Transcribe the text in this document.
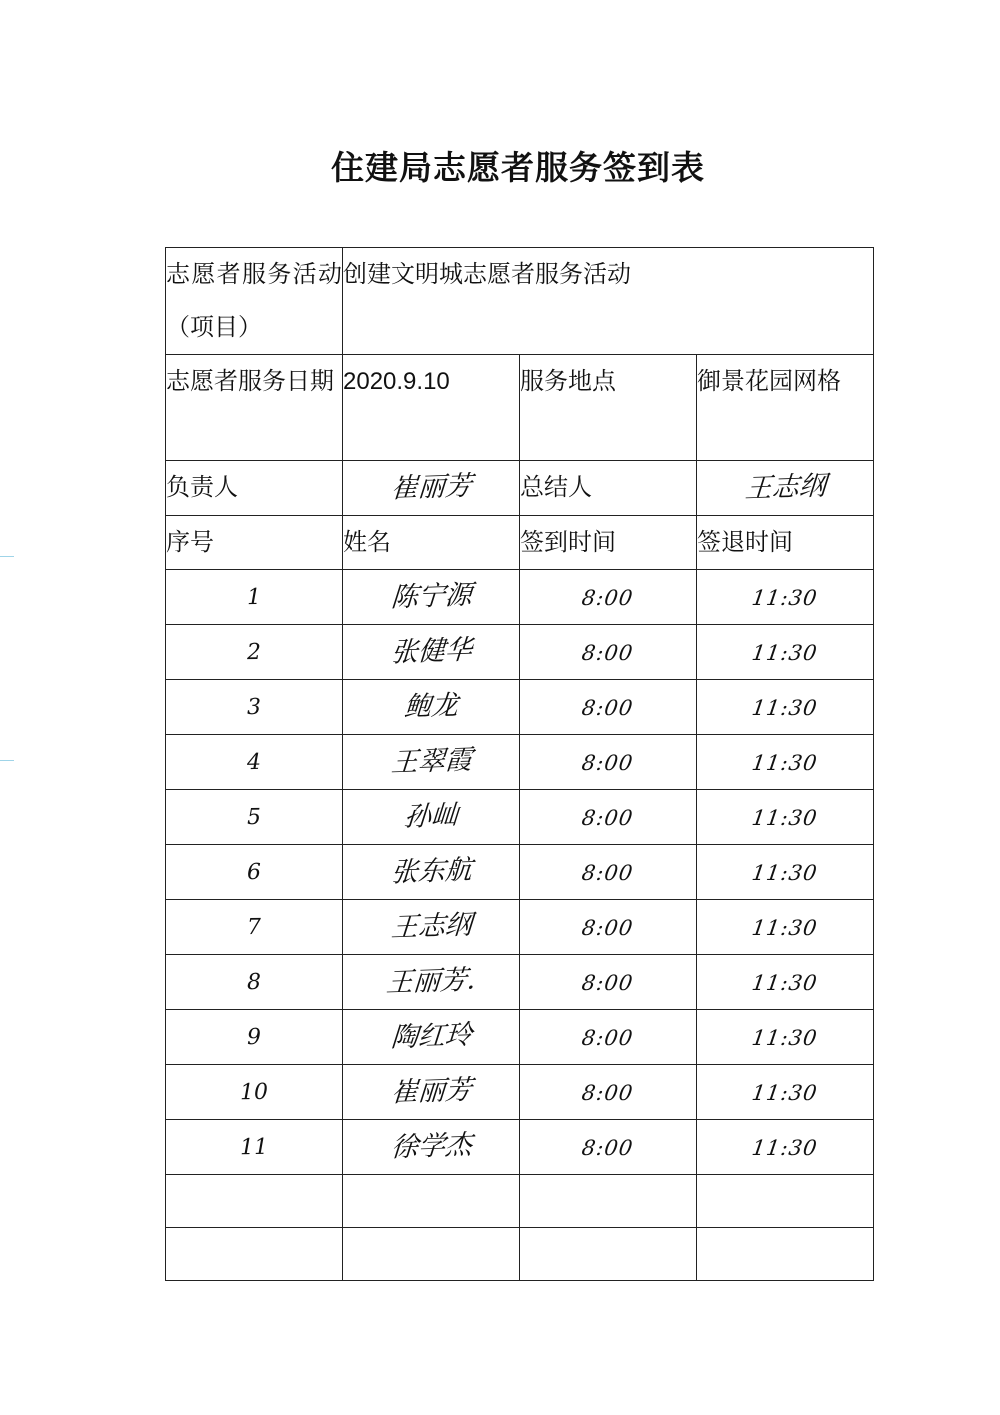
住建局志愿者服务签到表
志愿者服务活动（项目）	创建文明城志愿者服务活动		
志愿者服务日期	2020.9.10	服务地点	御景花园网格
负责人	崔丽芳	总结人	王志纲
序号	姓名	签到时间	签退时间
1	陈宁源	8:00	11:30
2	张健华	8:00	11:30
3	鲍龙	8:00	11:30
4	王翠霞	8:00	11:30
5	孙屾	8:00	11:30
6	张东航	8:00	11:30
7	王志纲	8:00	11:30
8	王丽芳.	8:00	11:30
9	陶红玲	8:00	11:30
10	崔丽芳	8:00	11:30
11	徐学杰	8:00	11:30
